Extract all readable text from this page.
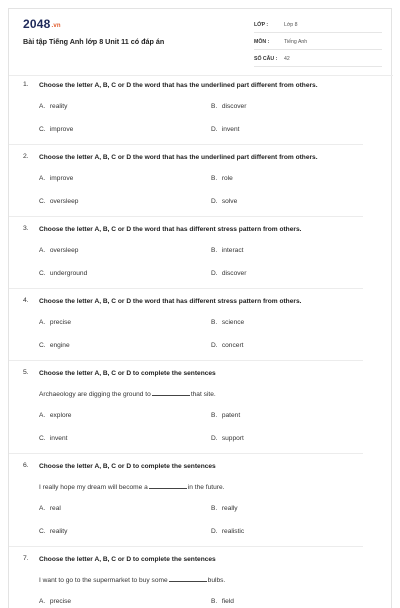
2048.vn
Bài tập Tiếng Anh lớp 8 Unit 11 có đáp án
LỚP :	Lớp 8
MÔN :	Tiếng Anh
SỐ CÂU : 42
1. Choose the letter A, B, C or D the word that has the underlined part different from others.
A. reality	B. discover
C. improve	D. invent
2. Choose the letter A, B, C or D the word that has the underlined part different from others.
A. improve	B. role
C. oversleep	D. solve
3. Choose the letter A, B, C or D the word that has different stress pattern from others.
A. oversleep	B. interact
C. underground	D. discover
4. Choose the letter A, B, C or D the word that has different stress pattern from others.
A. precise	B. science
C. engine	D. concert
5. Choose the letter A, B, C or D to complete the sentences
Archaeology are digging the ground to	that site.
A. explore	B. patent
C. invent	D. support
6. Choose the letter A, B, C or D to complete the sentences
I really hope my dream will become a	in the future.
A. real	B. really
C. reality	D. realistic
7. Choose the letter A, B, C or D to complete the sentences
I want to go to the supermarket to buy some	bulbs.
A. precise	B. field
